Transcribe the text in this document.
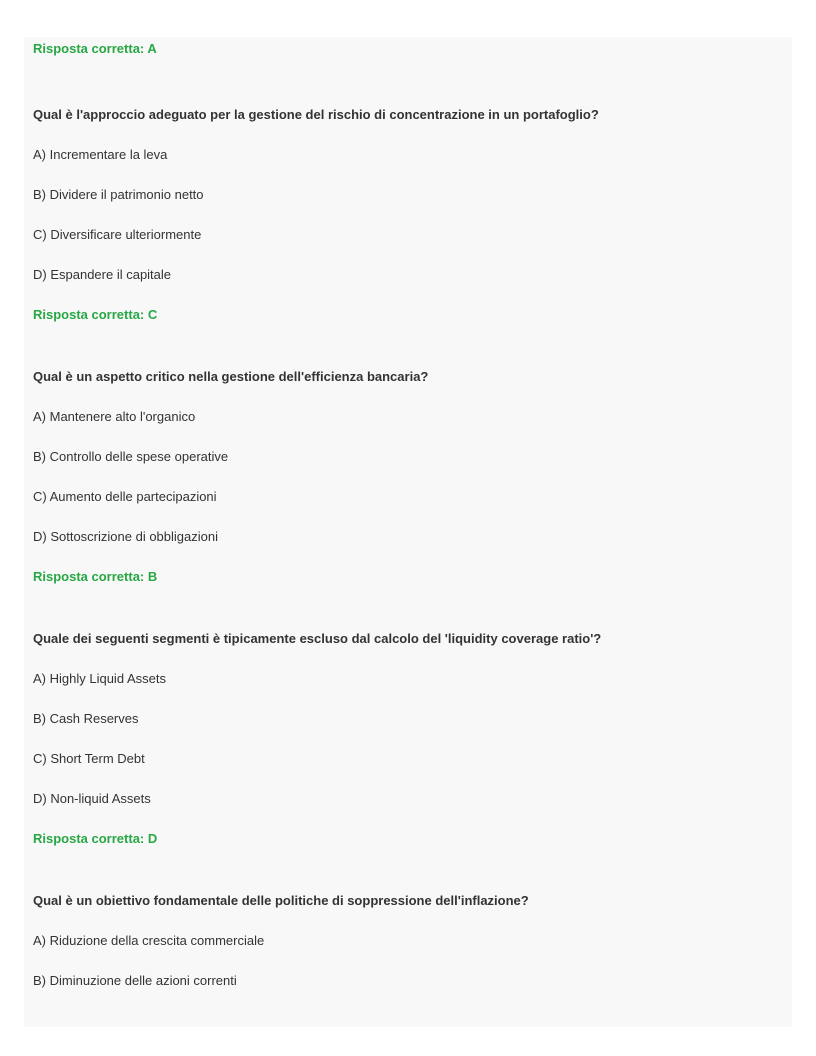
Risposta corretta: A

Qual è l'approccio adeguato per la gestione del rischio di concentrazione in un portafoglio?

A) Incrementare la leva

B) Dividere il patrimonio netto

C) Diversificare ulteriormente

D) Espandere il capitale

Risposta corretta: C

Qual è un aspetto critico nella gestione dell'efficienza bancaria?

A) Mantenere alto l'organico

B) Controllo delle spese operative

C) Aumento delle partecipazioni

D) Sottoscrizione di obbligazioni

Risposta corretta: B

Quale dei seguenti segmenti è tipicamente escluso dal calcolo del 'liquidity coverage ratio'?

A) Highly Liquid Assets

B) Cash Reserves

C) Short Term Debt

D) Non-liquid Assets

Risposta corretta: D

Qual è un obiettivo fondamentale delle politiche di soppressione dell'inflazione?

A) Riduzione della crescita commerciale

B) Diminuzione delle azioni correnti
